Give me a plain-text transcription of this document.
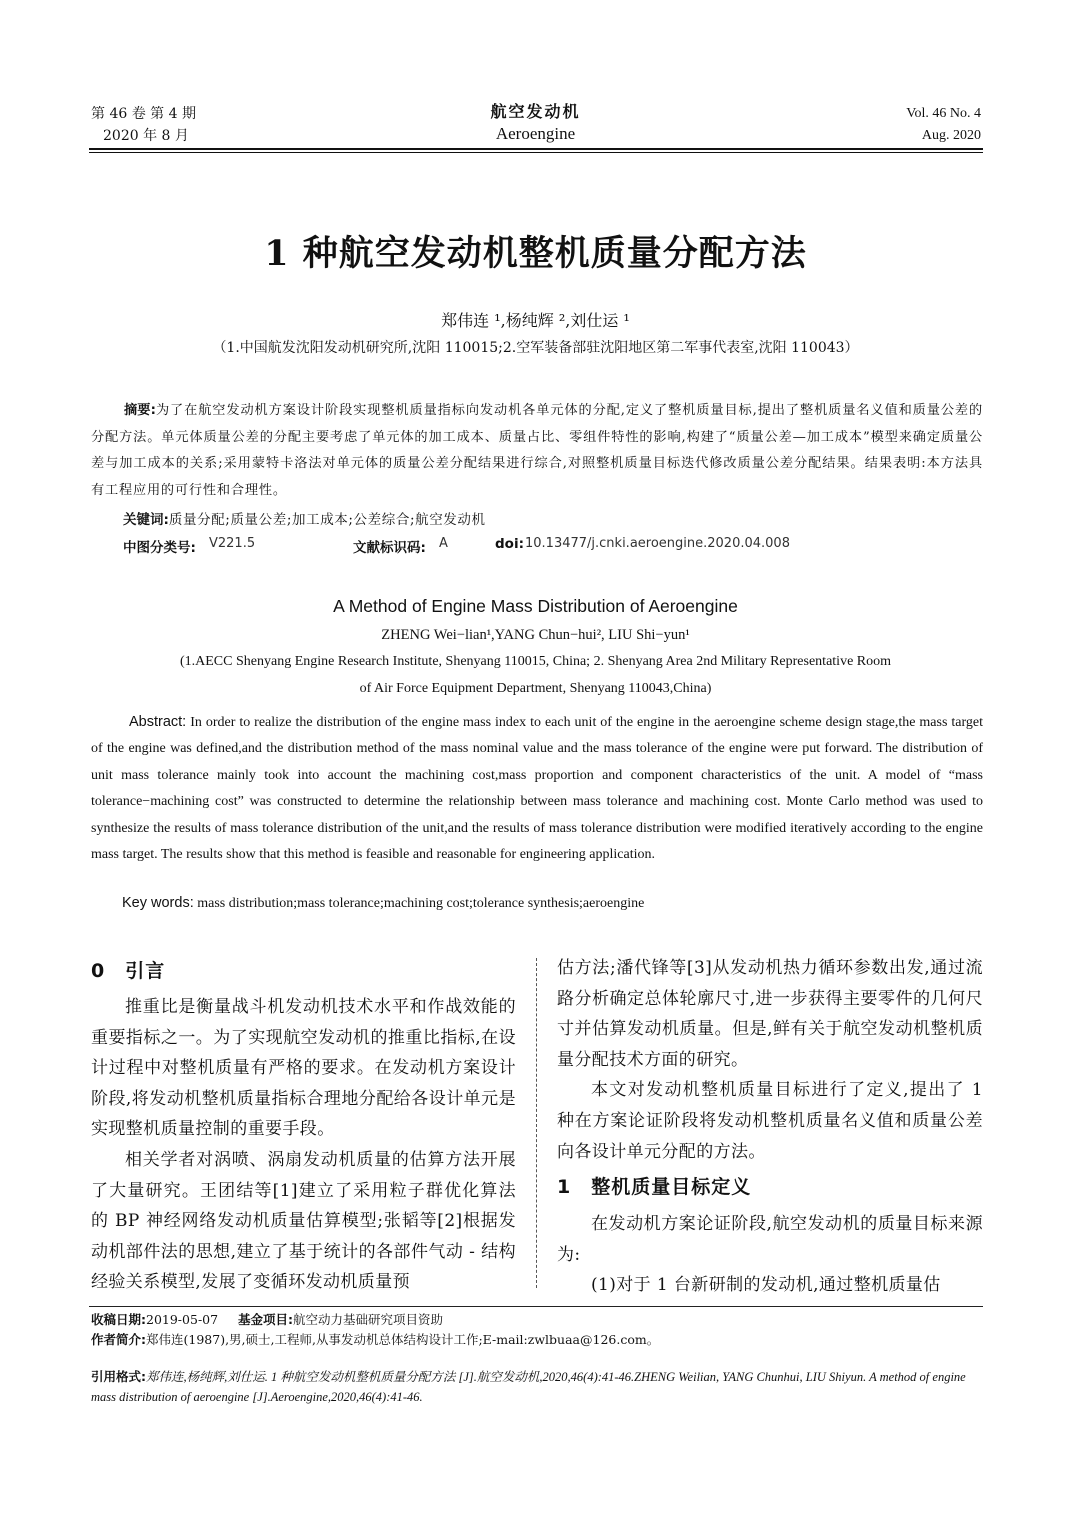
第 46 卷 第 4 期
2020 年 8 月
航空发动机
Aeroengine
Vol. 46 No. 4
Aug. 2020
1 种航空发动机整机质量分配方法
郑伟连 ¹,杨纯辉 ²,刘仕运 ¹
（1.中国航发沈阳发动机研究所,沈阳 110015;2.空军装备部驻沈阳地区第二军事代表室,沈阳 110043）

摘要:为了在航空发动机方案设计阶段实现整机质量指标向发动机各单元体的分配,定义了整机质量目标,提出了整机质量名义值和质量公差的分配方法。单元体质量公差的分配主要考虑了单元体的加工成本、质量占比、零组件特性的影响,构建了“质量公差—加工成本”模型来确定质量公差与加工成本的关系;采用蒙特卡洛法对单元体的质量公差分配结果进行综合,对照整机质量目标迭代修改质量公差分配结果。结果表明:本方法具有工程应用的可行性和合理性。

关键词:质量分配;质量公差;加工成本;公差综合;航空发动机
中图分类号: V221.5	文献标识码: A	doi: 10.13477/j.cnki.aeroengine.2020.04.008
A Method of Engine Mass Distribution of Aeroengine
ZHENG Wei−lian¹,YANG Chun−hui², LIU Shi−yun¹
(1.AECC Shenyang Engine Research Institute, Shenyang 110015, China; 2. Shenyang Area 2nd Military Representative Room
of Air Force Equipment Department, Shenyang 110043,China)

Abstract: In order to realize the distribution of the engine mass index to each unit of the engine in the aeroengine scheme design stage,the mass target of the engine was defined,and the distribution method of the mass nominal value and the mass tolerance of the engine were put forward. The distribution of unit mass tolerance mainly took into account the machining cost,mass proportion and component characteristics of the unit. A model of “mass tolerance−machining cost” was constructed to determine the relationship between mass tolerance and machining cost. Monte Carlo method was used to synthesize the results of mass tolerance distribution of the unit,and the results of mass tolerance distribution were modified iteratively according to the engine mass target. The results show that this method is feasible and reasonable for engineering application.

Key words: mass distribution;mass tolerance;machining cost;tolerance synthesis;aeroengine
0　引言

推重比是衡量战斗机发动机技术水平和作战效能的重要指标之一。为了实现航空发动机的推重比指标,在设计过程中对整机质量有严格的要求。在发动机方案设计阶段,将发动机整机质量指标合理地分配给各设计单元是实现整机质量控制的重要手段。

相关学者对涡喷、涡扇发动机质量的估算方法开展了大量研究。王团结等[1]建立了采用粒子群优化算法的 BP 神经网络发动机质量估算模型;张韬等[2]根据发动机部件法的思想,建立了基于统计的各部件气动 - 结构经验关系模型,发展了变循环发动机质量预

估方法;潘代锋等[3]从发动机热力循环参数出发,通过流路分析确定总体轮廓尺寸,进一步获得主要零件的几何尺寸并估算发动机质量。但是,鲜有关于航空发动机整机质量分配技术方面的研究。

本文对发动机整机质量目标进行了定义,提出了 1 种在方案论证阶段将发动机整机质量名义值和质量公差向各设计单元分配的方法。

1　整机质量目标定义

在发动机方案论证阶段,航空发动机的质量目标来源为:

(1)对于 1 台新研制的发动机,通过整机质量估

收稿日期:2019-05-07 基金项目:航空动力基础研究项目资助
作者简介:郑伟连(1987),男,硕士,工程师,从事发动机总体结构设计工作;E-mail:zwlbuaa@126.com。
引用格式:郑伟连,杨纯辉,刘仕运. 1 种航空发动机整机质量分配方法 [J].航空发动机,2020,46(4):41-46.ZHENG Weilian, YANG Chunhui, LIU Shiyun. A method of engine mass distribution of aeroengine [J].Aeroengine,2020,46(4):41-46.
